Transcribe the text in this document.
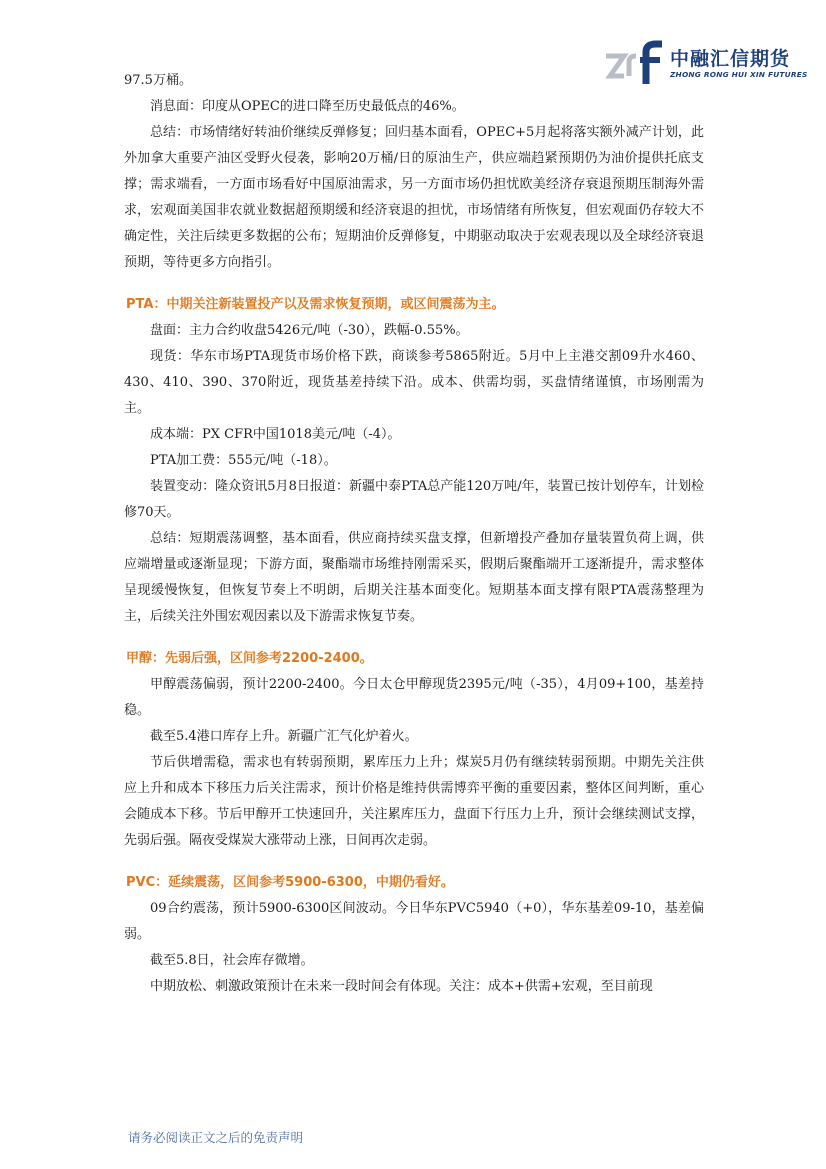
中融汇信期货
ZHONG RONG HUI XIN FUTURES

97.5万桶。

消息面：印度从OPEC的进口降至历史最低点的46%。

总结：市场情绪好转油价继续反弹修复；回归基本面看，OPEC+5月起将落实额外减产计划，此外加拿大重要产油区受野火侵袭，影响20万桶/日的原油生产，供应端趋紧预期仍为油价提供托底支撑；需求端看，一方面市场看好中国原油需求，另一方面市场仍担忧欧美经济存衰退预期压制海外需求，宏观面美国非农就业数据超预期缓和经济衰退的担忧，市场情绪有所恢复，但宏观面仍存较大不确定性，关注后续更多数据的公布；短期油价反弹修复，中期驱动取决于宏观表现以及全球经济衰退预期，等待更多方向指引。

PTA：中期关注新装置投产以及需求恢复预期，或区间震荡为主。

盘面：主力合约收盘5426元/吨（-30），跌幅-0.55%。

现货：华东市场PTA现货市场价格下跌，商谈参考5865附近。5月中上主港交割09升水460、430、410、390、370附近，现货基差持续下沿。成本、供需均弱，买盘情绪谨慎，市场刚需为主。

成本端：PX CFR中国1018美元/吨（-4）。

PTA加工费：555元/吨（-18）。

装置变动：隆众资讯5月8日报道：新疆中泰PTA总产能120万吨/年，装置已按计划停车，计划检修70天。

总结：短期震荡调整，基本面看，供应商持续买盘支撑，但新增投产叠加存量装置负荷上调，供应端增量或逐渐显现；下游方面，聚酯端市场维持刚需采买，假期后聚酯端开工逐渐提升，需求整体呈现缓慢恢复，但恢复节奏上不明朗，后期关注基本面变化。短期基本面支撑有限PTA震荡整理为主，后续关注外围宏观因素以及下游需求恢复节奏。

甲醇：先弱后强，区间参考2200-2400。

甲醇震荡偏弱，预计2200-2400。今日太仓甲醇现货2395元/吨（-35），4月09+100，基差持稳。

截至5.4港口库存上升。新疆广汇气化炉着火。

节后供增需稳，需求也有转弱预期，累库压力上升；煤炭5月仍有继续转弱预期。中期先关注供应上升和成本下移压力后关注需求，预计价格是维持供需博弈平衡的重要因素，整体区间判断，重心会随成本下移。节后甲醇开工快速回升，关注累库压力，盘面下行压力上升，预计会继续测试支撑，先弱后强。隔夜受煤炭大涨带动上涨，日间再次走弱。

PVC：延续震荡，区间参考5900-6300，中期仍看好。

09合约震荡，预计5900-6300区间波动。今日华东PVC5940（+0），华东基差09-10，基差偏弱。

截至5.8日，社会库存微增。

中期放松、刺激政策预计在未来一段时间会有体现。关注：成本+供需+宏观，至目前现

请务必阅读正文之后的免责声明
